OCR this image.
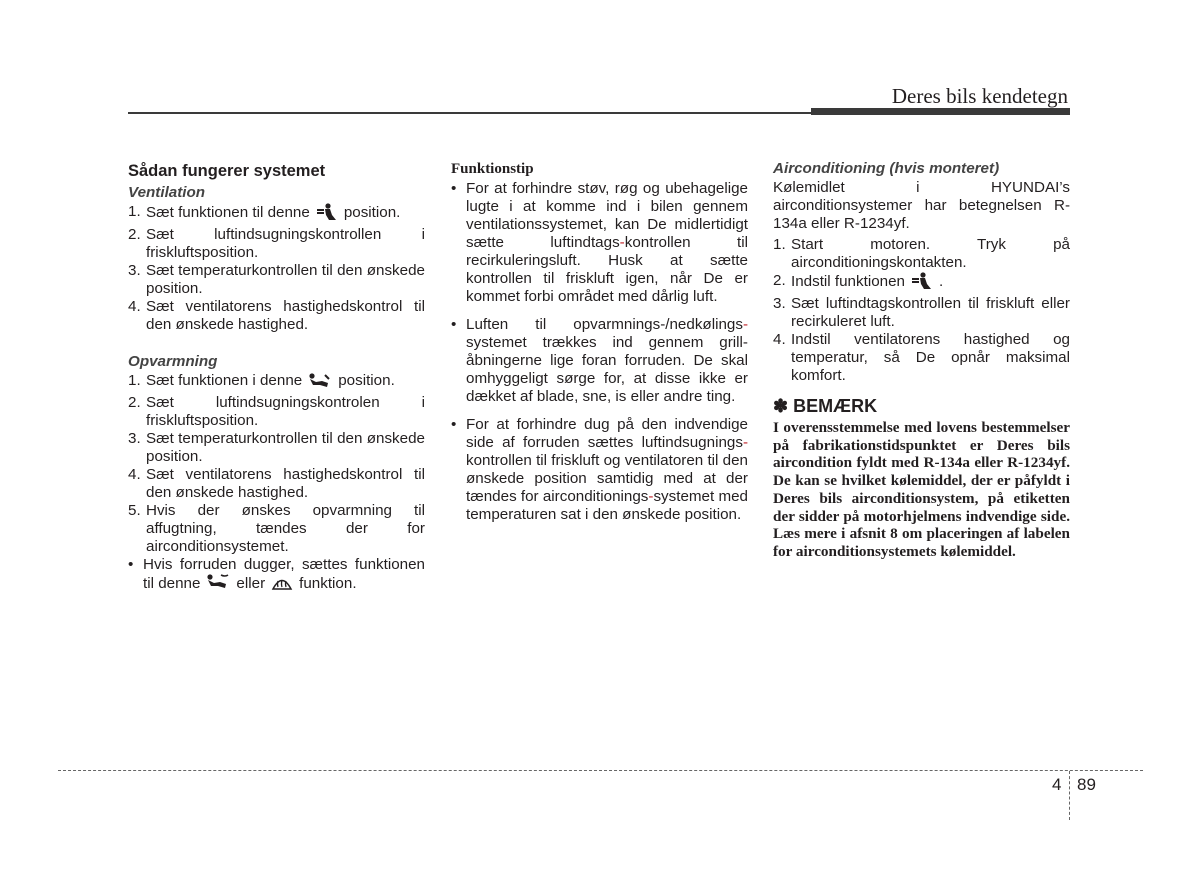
Deres bils kendetegn
Sådan fungerer systemet
Ventilation
1. Sæt funktionen til denne position.
2. Sæt luftindsugningskontrollen i friskluftsposition.
3. Sæt temperaturkontrollen til den ønskede position.
4. Sæt ventilatorens hastighedskontrol til den ønskede hastighed.
Opvarmning
1. Sæt funktionen i denne position.
2. Sæt luftindsugningskontrolen i friskluftsposition.
3. Sæt temperaturkontrollen til den ønskede position.
4. Sæt ventilatorens hastighedskontrol til den ønskede hastighed.
5. Hvis der ønskes opvarmning til affugtning, tændes der for airconditionsystemet.
• Hvis forruden dugger, sættes funktionen til denne eller funktion.
Funktionstip
• For at forhindre støv, røg og ubehagelige lugte i at komme ind i bilen gennem ventilationssystemet, kan De midlertidigt sætte luftindtags-kontrollen til recirkuleringsluft. Husk at sætte kontrollen til friskluft igen, når De er kommet forbi området med dårlig luft.
• Luften til opvarmnings-/nedkølings-systemet trækkes ind gennem grill-åbningerne lige foran forruden. De skal omhyggeligt sørge for, at disse ikke er dækket af blade, sne, is eller andre ting.
• For at forhindre dug på den indvendige side af forruden sættes luftindsugnings-kontrollen til friskluft og ventilatoren til den ønskede position samtidig med at der tændes for airconditionings-systemet med temperaturen sat i den ønskede position.
Airconditioning (hvis monteret)
Kølemidlet i HYUNDAI’s airconditionsystemer har betegnelsen R-134a eller R-1234yf.
1. Start motoren. Tryk på airconditioningskontakten.
2. Indstil funktionen .
3. Sæt luftindtagskontrollen til friskluft eller recirkuleret luft.
4. Indstil ventilatorens hastighed og temperatur, så De opnår maksimal komfort.
✽ BEMÆRK
I overensstemmelse med lovens bestemmelser på fabrikationstidspunktet er Deres bils aircondition fyldt med R-134a eller R-1234yf. De kan se hvilket kølemiddel, der er påfyldt i Deres bils airconditionsystem, på etiketten der sidder på motorhjelmens indvendige side. Læs mere i afsnit 8 om placeringen af labelen for airconditionsystemets kølemiddel.
4 89
